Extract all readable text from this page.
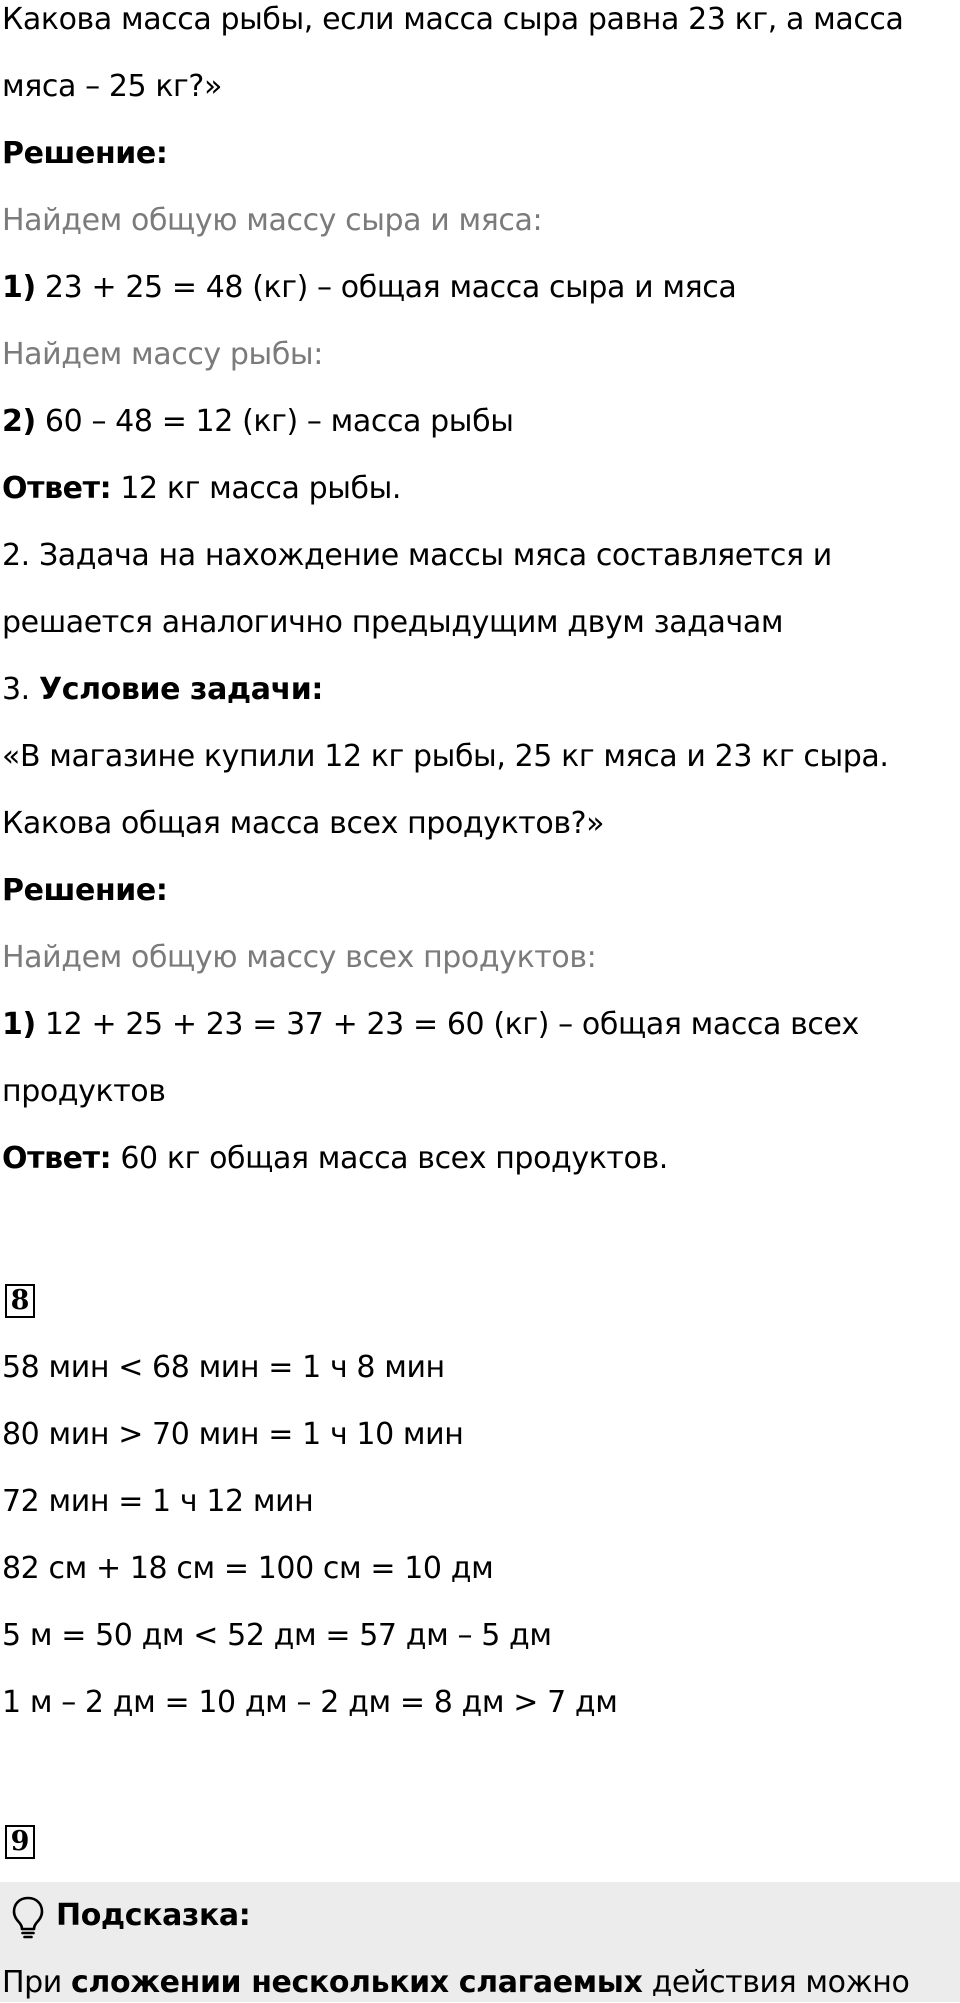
Какова масса рыбы, если масса сыра равна 23 кг, а масса

мяса – 25 кг?»

Решение:

Найдем общую массу сыра и мяса:

1) 23 + 25 = 48 (кг) – общая масса сыра и мяса

Найдем массу рыбы:

2) 60 – 48 = 12 (кг) – масса рыбы

Ответ: 12 кг масса рыбы.

2. Задача на нахождение массы мяса составляется и

решается аналогично предыдущим двум задачам

3. Условие задачи:

«В магазине купили 12 кг рыбы, 25 кг мяса и 23 кг сыра.

Какова общая масса всех продуктов?»

Решение:

Найдем общую массу всех продуктов:

1) 12 + 25 + 23 = 37 + 23 = 60 (кг) – общая масса всех

продуктов

Ответ: 60 кг общая масса всех продуктов.

8

58 мин < 68 мин = 1 ч 8 мин

80 мин > 70 мин = 1 ч 10 мин

72 мин = 1 ч 12 мин

82 см + 18 см = 100 см = 10 дм

5 м = 50 дм < 52 дм = 57 дм – 5 дм

1 м – 2 дм = 10 дм – 2 дм = 8 дм > 7 дм

9

Подсказка:

При сложении нескольких слагаемых действия можно
